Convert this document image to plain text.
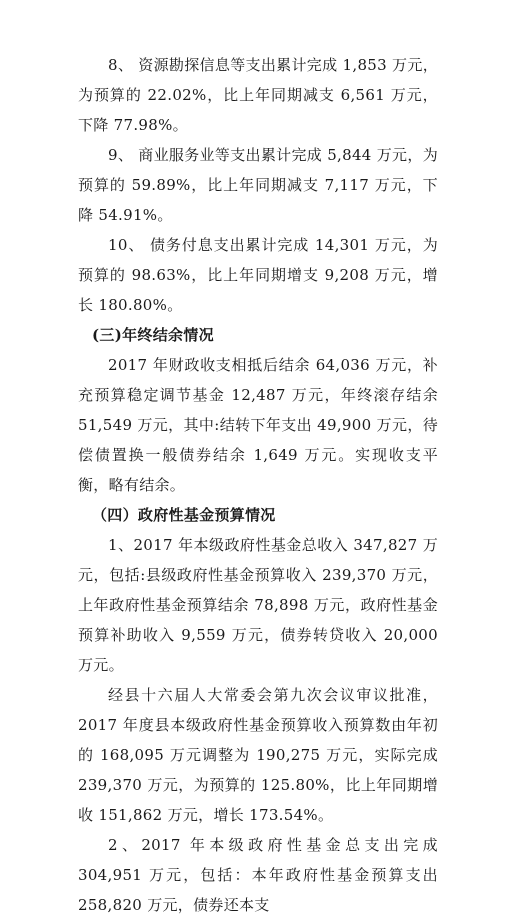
8、 资源勘探信息等支出累计完成 1,853 万元，为预算的 22.02%，比上年同期减支 6,561 万元，下降 77.98%。

9、 商业服务业等支出累计完成 5,844 万元，为预算的 59.89%，比上年同期减支 7,117 万元，下降 54.91%。

10、 债务付息支出累计完成 14,301 万元，为预算的 98.63%，比上年同期增支 9,208 万元，增长 180.80%。

(三)年终结余情况

2017 年财政收支相抵后结余 64,036 万元，补充预算稳定调节基金 12,487 万元，年终滚存结余 51,549 万元，其中:结转下年支出 49,900 万元，待偿债置换一般债券结余 1,649 万元。实现收支平衡，略有结余。

（四）政府性基金预算情况

1、2017 年本级政府性基金总收入 347,827 万元，包括:县级政府性基金预算收入 239,370 万元，上年政府性基金预算结余 78,898 万元，政府性基金预算补助收入 9,559 万元，债券转贷收入 20,000 万元。

经县十六届人大常委会第九次会议审议批准，2017 年度县本级政府性基金预算收入预算数由年初的 168,095 万元调整为 190,275 万元，实际完成 239,370 万元，为预算的 125.80%，比上年同期增收 151,862 万元，增长 173.54%。

2、2017 年本级政府性基金总支出完成 304,951 万元，包括：本年政府性基金预算支出 258,820 万元，债券还本支
